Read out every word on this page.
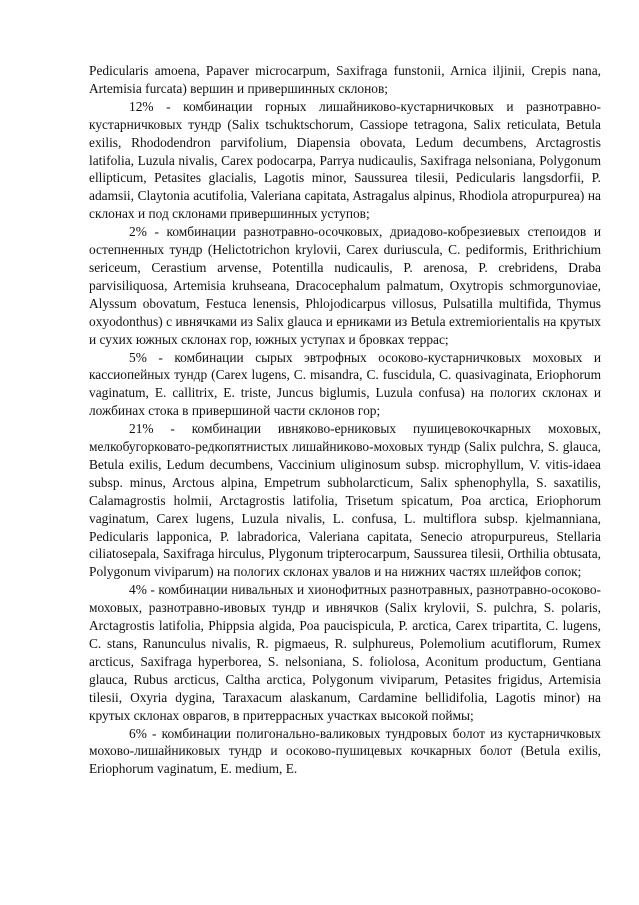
Pedicularis amoena, Papaver microcarpum, Saxifraga funstonii, Arnica iljinii, Crepis nana, Artemisia furcata) вершин и привершинных склонов;

12% - комбинации горных лишайниково-кустарничковых и разнотравно-кустарничковых тундр (Salix tschuktschorum, Cassiope tetragona, Salix reticulata, Betula exilis, Rhododendron parvifolium, Diapensia obovata, Ledum decumbens, Arctagrostis latifolia, Luzula nivalis, Carex podocarpa, Parrya nudicaulis, Saxifraga nelsoniana, Polygonum ellipticum, Petasites glacialis, Lagotis minor, Saussurea tilesii, Pedicularis langsdorfii, P. adamsii, Claytonia acutifolia, Valeriana capitata, Astragalus alpinus, Rhodiola atropurpurea) на склонах и под склонами привершинных уступов;

2% - комбинации разнотравно-осочковых, дриадово-кобрезиевых степоидов и остепненных тундр (Helictotrichon krylovii, Carex duriuscula, C. pediformis, Erithrichium sericeum, Cerastium arvense, Potentilla nudicaulis, P. arenosa, P. crebridens, Draba parvisiliquosa, Artemisia kruhseana, Dracocephalum palmatum, Oxytropis schmorgunoviae, Alyssum obovatum, Festuca lenensis, Phlojodicarpus villosus, Pulsatilla multifida, Thymus oxyodonthus) с ивнячками из Salix glauca и ерниками из Betula extremiorientalis на крутых и сухих южных склонах гор, южных уступах и бровках террас;

5% - комбинации сырых эвтрофных осоково-кустарничковых моховых и кассиопейных тундр (Carex lugens, C. misandra, C. fuscidula, C. quasivaginata, Eriophorum vaginatum, E. callitrix, E. triste, Juncus biglumis, Luzula confusa) на пологих склонах и ложбинах стока в привершиной части склонов гор;

21% - комбинации ивняково-ерниковых пушицевокочкарных моховых, мелкобугорковато-редкопятнистых лишайниково-моховых тундр (Salix pulchra, S. glauca, Betula exilis, Ledum decumbens, Vaccinium uliginosum subsp. microphyllum, V. vitis-idaea subsp. minus, Arctous alpina, Empetrum subholarcticum, Salix sphenophylla, S. saxatilis, Calamagrostis holmii, Arctagrostis latifolia, Trisetum spicatum, Poa arctica, Eriophorum vaginatum, Carex lugens, Luzula nivalis, L. confusa, L. multiflora subsp. kjelmanniana, Pedicularis lapponica, P. labradorica, Valeriana capitata, Senecio atropurpureus, Stellaria ciliatosepala, Saxifraga hirculus, Plygonum tripterocarpum, Saussurea tilesii, Orthilia obtusata, Polygonum viviparum) на пологих склонах увалов и на нижних частях шлейфов сопок;

4% - комбинации нивальных и хионофитных разнотравных, разнотравно-осоково-моховых, разнотравно-ивовых тундр и ивнячков (Salix krylovii, S. pulchra, S. polaris, Arctagrostis latifolia, Phippsia algida, Poa paucispicula, P. arctica, Carex tripartita, C. lugens, C. stans, Ranunculus nivalis, R. pigmaeus, R. sulphureus, Polemolium acutiflorum, Rumex arcticus, Saxifraga hyperborea, S. nelsoniana, S. foliolosa, Aconitum productum, Gentiana glauca, Rubus arcticus, Caltha arctica, Polygonum viviparum, Petasites frigidus, Artemisia tilesii, Oxyria dygina, Taraxacum alaskanum, Cardamine bellidifolia, Lagotis minor) на крутых склонах оврагов, в притеррасных участках высокой поймы;

6% - комбинации полигонально-валиковых тундровых болот из кустарничковых мохово-лишайниковых тундр и осоково-пушицевых кочкарных болот (Betula exilis, Eriophorum vaginatum, E. medium, E.
